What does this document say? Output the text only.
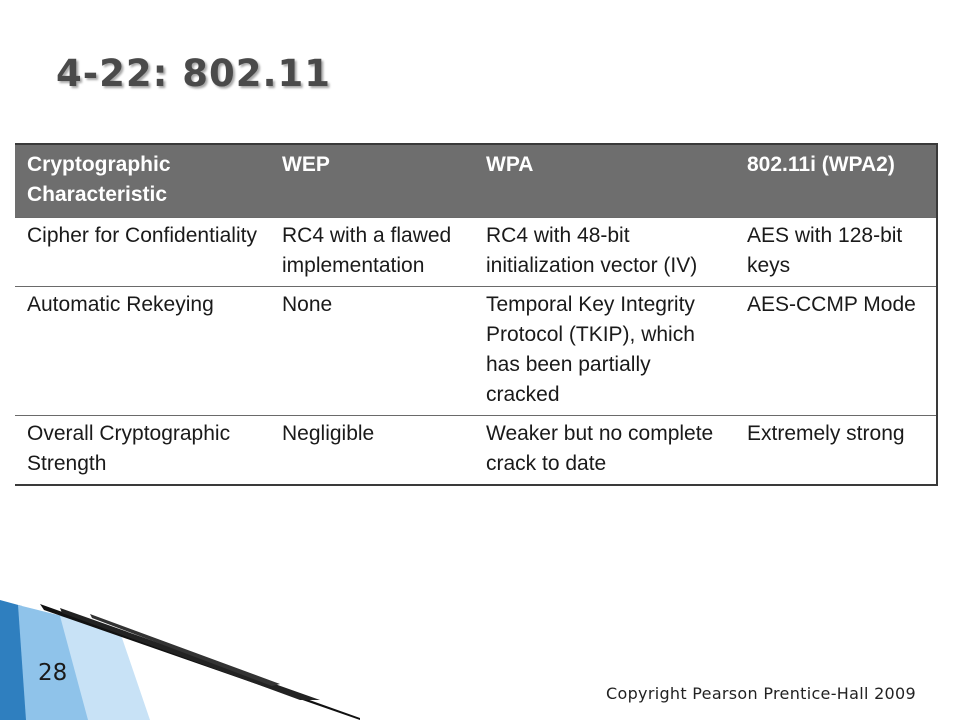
4-22: 802.11
Cryptographic Characteristic	WEP	WPA	802.11i (WPA2)
Cipher for Confidentiality	RC4 with a flawed implementation	RC4 with 48-bit initialization vector (IV)	AES with 128-bit keys
Automatic Rekeying	None	Temporal Key Integrity Protocol (TKIP), which has been partially cracked	AES-CCMP Mode
Overall Cryptographic Strength	Negligible	Weaker but no complete crack to date	Extremely strong
28
Copyright Pearson Prentice-Hall 2009
